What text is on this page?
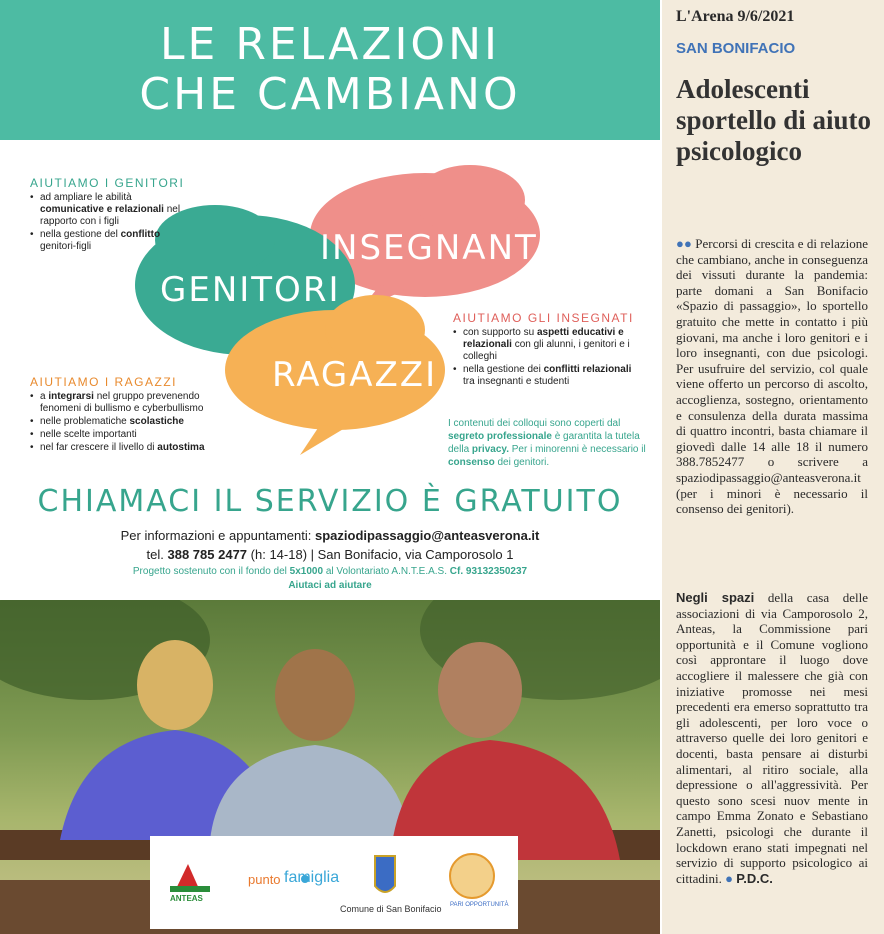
LE RELAZIONI
CHE CAMBIANO
GENITORI
INSEGNANTI
RAGAZZI
AIUTIAMO I GENITORI
• ad ampliare le abilità comunicative e relazionali nel rapporto con i figli
• nella gestione del conflitto genitori-figli
AIUTIAMO I RAGAZZI
• a integrarsi nel gruppo prevenendo fenomeni di bullismo e cyberbullismo
• nelle problematiche scolastiche
• nelle scelte importanti
• nel far crescere il livello di autostima
AIUTIAMO GLI INSEGNATI
• con supporto su aspetti educativi e relazionali con gli alunni, i genitori e i colleghi
• nella gestione dei conflitti relazionali tra insegnanti e studenti
I contenuti dei colloqui sono coperti dal segreto professionale è garantita la tutela della privacy. Per i minorenni è necessario il consenso dei genitori.
CHIAMACI IL SERVIZIO È GRATUITO
Per informazioni e appuntamenti: spaziodipassaggio@anteasverona.it
tel. 388 785 2477 (h: 14-18) | San Bonifacio, via Camporosolo 1
Progetto sostenuto con il fondo del 5x1000 al Volontariato A.N.T.E.A.S. Cf. 93132350237
Aiutaci ad aiutare
ANTEAS
punto famiglia
Comune di San Bonifacio PARI OPPORTUNITÀ
L'Arena 9/6/2021
SAN BONIFACIO
Adolescenti sportello di aiuto psicologico
●● Percorsi di crescita e di relazione che cambiano, anche in conseguenza dei vissuti durante la pandemia: parte domani a San Bonifacio «Spazio di passaggio», lo sportello gratuito che mette in contatto i più giovani, ma anche i loro genitori e i loro insegnanti, con due psicologi. Per usufruire del servizio, col quale viene offerto un percorso di ascolto, accoglienza, sostegno, orientamento e consulenza della durata massima di quattro incontri, basta chiamare il giovedì dalle 14 alle 18 il numero 388.7852477 o scrivere a spaziodipassaggio@anteasverona.it (per i minori è necessario il consenso dei genitori).
Negli spazi della casa delle associazioni di via Camporosolo 2, Anteas, la Commissione pari opportunità e il Comune vogliono così approntare il luogo dove accogliere il malessere che già con iniziative promosse nei mesi precedenti era emerso soprattutto tra gli adolescenti, per loro voce o attraverso quelle dei loro genitori e docenti, basta pensare ai disturbi alimentari, al ritiro sociale, alla depressione o all'aggressività. Per questo sono scesi nuov mente in campo Emma Zonato e Sebastiano Zanetti, psicologi che durante il lockdown erano stati impegnati nel servizio di supporto psicologico ai cittadini. ● P.D.C.
